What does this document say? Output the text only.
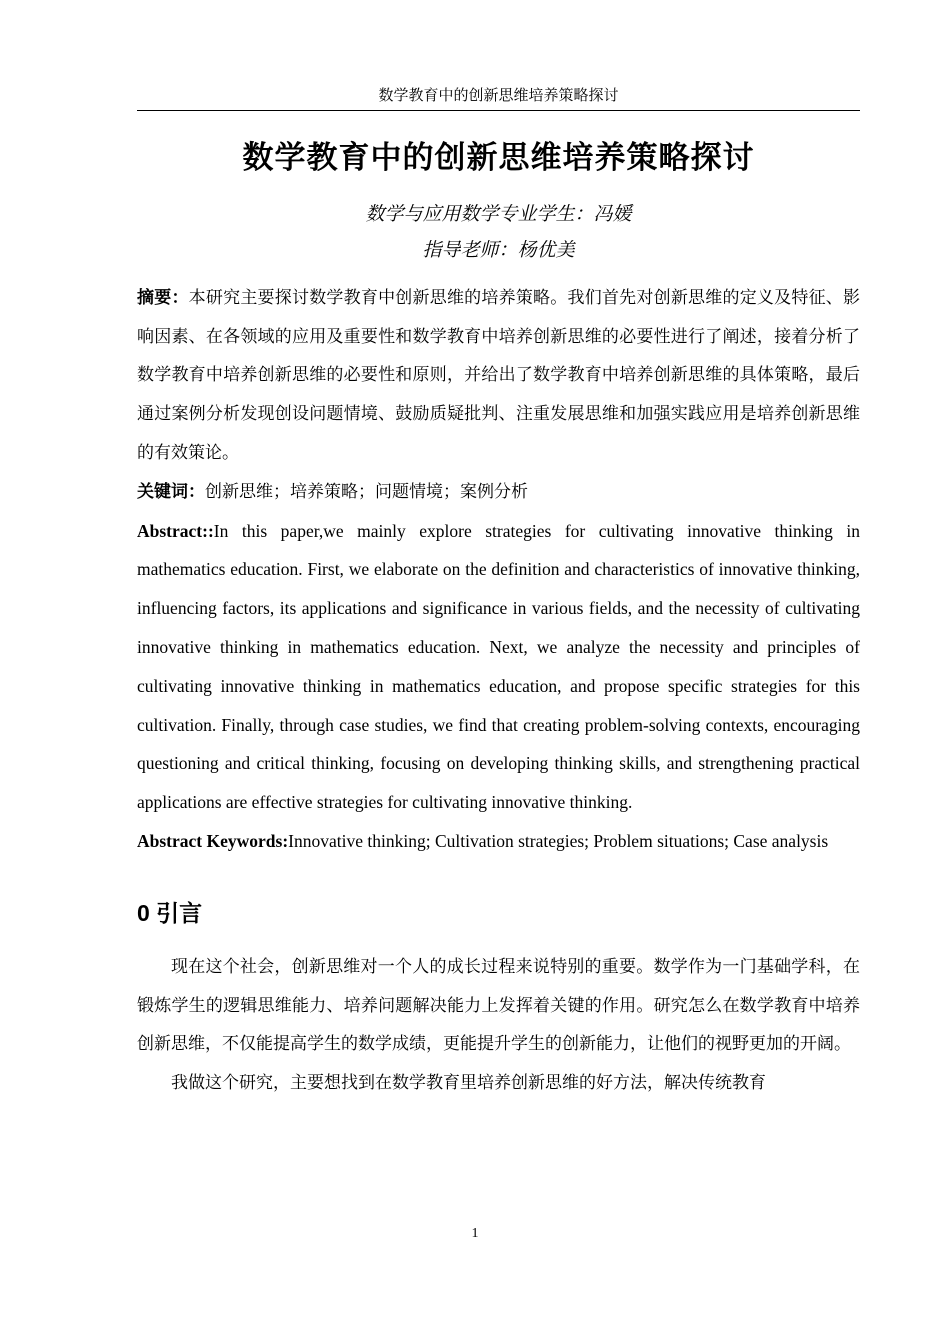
数学教育中的创新思维培养策略探讨
数学教育中的创新思维培养策略探讨
数学与应用数学专业学生：冯媛
指导老师：杨优美

摘要：本研究主要探讨数学教育中创新思维的培养策略。我们首先对创新思维的定义及特征、影响因素、在各领域的应用及重要性和数学教育中培养创新思维的必要性进行了阐述，接着分析了数学教育中培养创新思维的必要性和原则，并给出了数学教育中培养创新思维的具体策略，最后通过案例分析发现创设问题情境、鼓励质疑批判、注重发展思维和加强实践应用是培养创新思维的有效策论。

关键词：创新思维；培养策略；问题情境；案例分析

Abstract::In this paper,we mainly explore strategies for cultivating innovative thinking in mathematics education. First, we elaborate on the definition and characteristics of innovative thinking, influencing factors, its applications and significance in various fields, and the necessity of cultivating innovative thinking in mathematics education. Next, we analyze the necessity and principles of cultivating innovative thinking in mathematics education, and propose specific strategies for this cultivation. Finally, through case studies, we find that creating problem-solving contexts, encouraging questioning and critical thinking, focusing on developing thinking skills, and strengthening practical applications are effective strategies for cultivating innovative thinking.

Abstract Keywords:Innovative thinking; Cultivation strategies; Problem situations; Case analysis

0 引言

现在这个社会，创新思维对一个人的成长过程来说特别的重要。数学作为一门基础学科，在锻炼学生的逻辑思维能力、培养问题解决能力上发挥着关键的作用。研究怎么在数学教育中培养创新思维，不仅能提高学生的数学成绩，更能提升学生的创新能力，让他们的视野更加的开阔。

我做这个研究，主要想找到在数学教育里培养创新思维的好方法，解决传统教育

1
